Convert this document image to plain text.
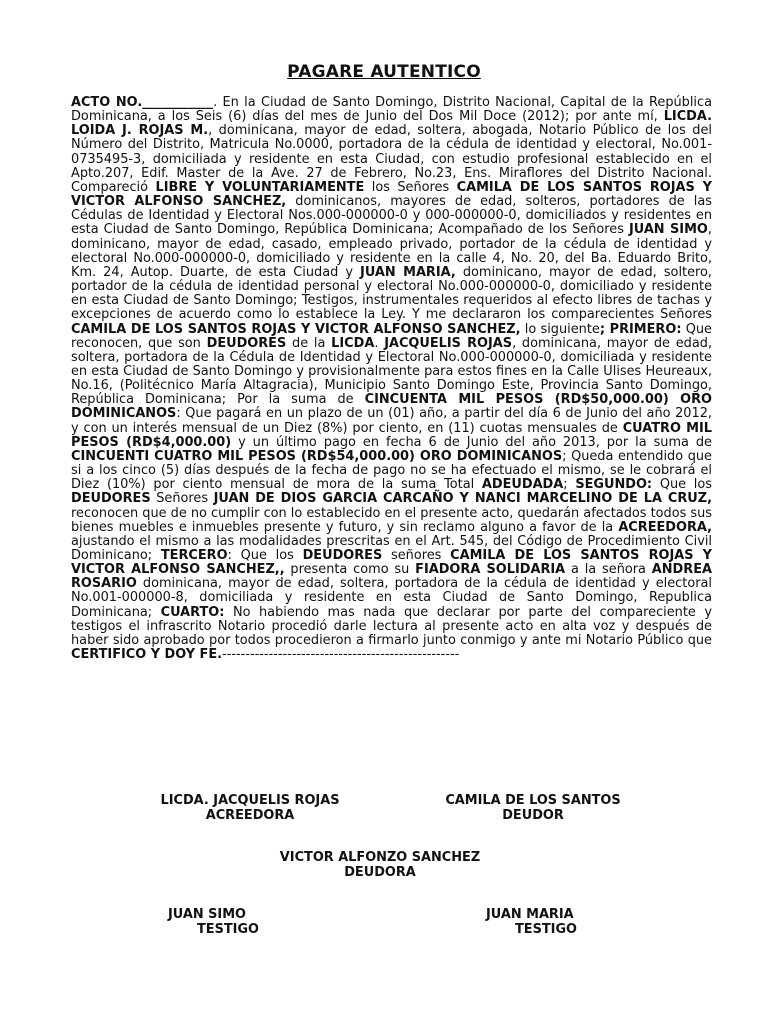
PAGARE AUTENTICO

ACTO NO.___________. En la Ciudad de Santo Domingo, Distrito Nacional, Capital de la República Dominicana, a los Seis (6) días del mes de Junio del Dos Mil Doce (2012); por ante mí, LICDA. LOIDA J. ROJAS M., dominicana, mayor de edad, soltera, abogada, Notario Público de los del Número del Distrito, Matricula No.0000, portadora de la cédula de identidad y electoral, No.001-0735495-3, domiciliada y residente en esta Ciudad, con estudio profesional establecido en el Apto.207, Edif. Master de la Ave. 27 de Febrero, No.23, Ens. Miraflores del Distrito Nacional. Compareció LIBRE Y VOLUNTARIAMENTE los Señores CAMILA DE LOS SANTOS ROJAS Y VICTOR ALFONSO SANCHEZ, dominicanos, mayores de edad, solteros, portadores de las Cédulas de Identidad y Electoral Nos.000-000000-0 y 000-000000-0, domiciliados y residentes en esta Ciudad de Santo Domingo, República Dominicana; Acompañado de los Señores JUAN SIMO, dominicano, mayor de edad, casado, empleado privado, portador de la cédula de identidad y electoral No.000-000000-0, domiciliado y residente en la calle 4, No. 20, del Ba. Eduardo Brito, Km. 24, Autop. Duarte, de esta Ciudad y JUAN MARIA, dominicano, mayor de edad, soltero, portador de la cédula de identidad personal y electoral No.000-000000-0, domiciliado y residente en esta Ciudad de Santo Domingo; Testigos, instrumentales requeridos al efecto libres de tachas y excepciones de acuerdo como lo establece la Ley. Y me declararon los comparecientes Señores CAMILA DE LOS SANTOS ROJAS Y VICTOR ALFONSO SANCHEZ, lo siguiente; PRIMERO: Que reconocen, que son DEUDORES de la LICDA. JACQUELIS ROJAS, dominicana, mayor de edad, soltera, portadora de la Cédula de Identidad y Electoral No.000-000000-0, domiciliada y residente en esta Ciudad de Santo Domingo y provisionalmente para estos fines en la Calle Ulises Heureaux, No.16, (Politécnico María Altagracia), Municipio Santo Domingo Este, Provincia Santo Domingo, República Dominicana; Por la suma de CINCUENTA MIL PESOS (RD$50,000.00) ORO DOMINICANOS: Que pagará en un plazo de un (01) año, a partir del día 6 de Junio del año 2012, y con un interés mensual de un Diez (8%) por ciento, en (11) cuotas mensuales de CUATRO MIL PESOS (RD$4,000.00) y un último pago en fecha 6 de Junio del año 2013, por la suma de CINCUENTI CUATRO MIL PESOS (RD$54,000.00) ORO DOMINICANOS; Queda entendido que si a los cinco (5) días después de la fecha de pago no se ha efectuado el mismo, se le cobrará el Diez (10%) por ciento mensual de mora de la suma Total ADEUDADA; SEGUNDO: Que los DEUDORES Señores JUAN DE DIOS GARCIA CARCAÑO Y NANCI MARCELINO DE LA CRUZ, reconocen que de no cumplir con lo establecido en el presente acto, quedarán afectados todos sus bienes muebles e inmuebles presente y futuro, y sin reclamo alguno a favor de la ACREEDORA, ajustando el mismo a las modalidades prescritas en el Art. 545, del Código de Procedimiento Civil Dominicano; TERCERO: Que los DEUDORES señores CAMILA DE LOS SANTOS ROJAS Y VICTOR ALFONSO SANCHEZ,, presenta como su FIADORA SOLIDARIA a la señora ANDREA ROSARIO dominicana, mayor de edad, soltera, portadora de la cédula de identidad y electoral No.001-000000-8, domiciliada y residente en esta Ciudad de Santo Domingo, Republica Dominicana; CUARTO: No habiendo mas nada que declarar por parte del compareciente y testigos el infrascrito Notario procedió darle lectura al presente acto en alta voz y después de haber sido aprobado por todos procedieron a firmarlo junto conmigo y ante mi Notario Público que CERTIFICO Y DOY FE.---------------------------------------------------

LICDA. JACQUELIS ROJAS
ACREEDORA
CAMILA DE LOS SANTOS
DEUDOR
VICTOR ALFONZO SANCHEZ
DEUDORA
JUAN SIMO
TESTIGO
JUAN MARIA
TESTIGO
